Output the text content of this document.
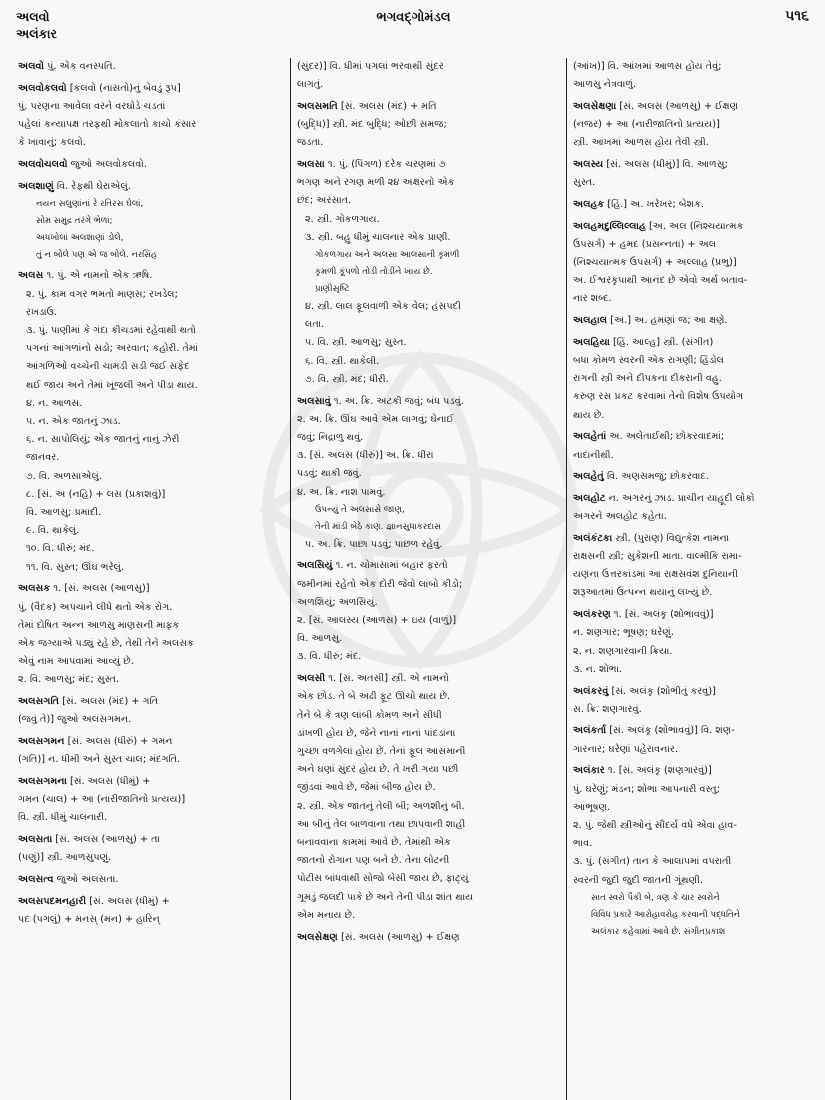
અલવો
અલંકાર
ભગવદ્ગોમંડલ	૫૧૬
અલવો પું. એક વનસ્પતિ.
અલવોકલવો [કલવો (નાસતો)નું બેવડું રૂપ]
પું. પરણના આવેલા વરને વરઘોડે ચડતાં
પહેલાં કન્યાપક્ષ તરફથી મોકલાતો કાચો કંસાર
કે ખાવાનું; કલવો.
અલવોચલવો જુઓ અલવોકલવો.
અલશાણું વિ. રેફથી ઘેરાએલું.
નયન સલુણાંનાં રે રતિરસ ઘેલાં,
સોમ સમુદ્ર તરંગે ભેળાં;
અધખોલાં અલશાણાં ડોલે,
તું ન બોલે પણ એ જ બોલે. નરસિંહ
અલસ ૧. પું. એ નામનો એક ઋષિ.
૨. પું. કામ વગર ભમતો માણસ; રખડેલ;
રખડાઉ.
૩. પું. પાણીમાં કે ગંદા કીચડમાં રહેવાથી થતો
પગનાં આંગળાંનો સડો; અરવાત; કહોરી. તેમાં
આંગળિઓ વચ્ચેની ચામડી સડી જઈ સફેદ
થઈ જાય અને તેમાં ખૂજલી અને પીડા થાય.
૪. ન. આળસ.
૫. ન. એક જાતનું ઝાડ.
૬. ન. સાપોલિયું; એક જાતનું નાનું ઝેરી
જાનવર.
૭. વિ. અળસાએલું.
૮. [સં. અ (નહિ) + લસ (પ્રકાશવું)]
વિ. આળસુ; પ્રમાદી.
૯. વિ. થાકેલું.
૧૦. વિ. ધીરું; મંદ.
૧૧. વિ. સુસ્ત; ઊંઘ ભરેલું.
અલસક ૧. [સં. અલસ (આળસુ)]
પું. (વૈદક) અપચાને લીધે થતો એક રોગ.
તેમાં દોષિત અન્ન આળસુ માણસની માફક
એક જગ્યાએ પડ્યું રહે છે, તેથી તેને અલસક
એવું નામ આપવામાં આવ્યું છે.
૨. વિ. આળસુ; મંદ; સુસ્ત.
અલસગતિ [સં. અલસ (મંદ) + ગતિ
(જવું તે)] જુઓ અલસગમન.
અલસગમન [સં. અલસ (ધીરું) + ગમન
(ગતિ)] ન. ધીમી અને સુસ્ત ચાલ; મંદગતિ.
અલસગમના [સં. અલસ (ધીમું) +
ગમન (ચાલ) + આ (નારીજાતિનો પ્રત્યય)]
વિ. સ્ત્રી. ધીમું ચાલનારી.
અલસતા [સં. અલસ (આળસુ) + તા
(પણું)] સ્ત્રી. આળસુપણું.
અલસત્વ જુઓ અલસતા.
અલસપદમનહારી [સં. અલસ (ધીમું) +
પદ (પગલું) + મનસ્ (મન) + હારિન્
(સુંદર)] વિ. ધીમાં પગલાં ભરવાથી સુંદર
લાગતું.
અલસમતિ [સં. અલસ (મંદ) + મતિ
(બુદ્ધિ)] સ્ત્રી. મંદ બુદ્ધિ; ઓછી સમજ;
જડતા.
અલસા ૧. પું. (પિંગળ) દરેક ચરણમાં ૭
ભગણ અને રગણ મળી ૨૪ અક્ષરનો એક
છંદ; અરસાત.
૨. સ્ત્રી. ગોકળગાય.
૩. સ્ત્રી. બહુ ધીમું ચાલનાર એક પ્રાણી.
ગોકળગાય અને અલસા આલસાની કૃમળી
કૃમળી કૂંપળો તોડી તોડીને ખાય છે.
પ્રાણીસૃષ્ટિ
૪. સ્ત્રી. લાલ ફૂલવાળી એક વેલ; હંસપદી
લતા.
૫. વિ. સ્ત્રી. આળસુ; સુસ્ત.
૬. વિ. સ્ત્રી. થાકેલી.
૭. વિ. સ્ત્રી. મંદ; ધીરી.
અલસાવું ૧. અ. ક્રિ. અટકી જવું; બંધ પડવું.
૨. અ. ક્રિ. ઊંઘ આવે એમ લાગવું; ઘેનાઈ
જવું; નિદ્રાળુ થવું.
૩. [સં. અલસ (ધીરું)] અ. ક્રિ. ધીરા
પડવું; થાકી જવું.
૪. અ. ક્રિ. નાશ પામવું.
ઉપન્યું તે અલસાસે જાણ,
તેની માંડી બેઠે કાણ. જ્ઞાનસુધાકરદાસ
૫. અ. ક્રિ. પાછા પડવું; પાછળ રહેવું.
અલસિયું ૧. ન. ચોમાસામાં બહાર ફરતો
જમીનમાં રહેતો એક દોરી જેવો લાંબો કીડો;
અળશિયું; અળસિયું.
૨. [સં. આલસ્ય (આળસ) + ઇય (વાળું)]
વિ. આળસુ.
૩. વિ. ધીરું; મંદ.
અલસી ૧. [સં. અતસી] સ્ત્રી. એ નામનો
એક છોડ. તે બે અઢી ફૂટ ઊંચો થાય છે.
તેને બે કે ત્રણ લાંબી કોમળ અને સીધી
ડાંખળી હોય છે, જેને નાનાં નાનાં પાંદડાંના
ગુચ્છા વળગેલા હોય છે. તેનાં ફૂલ આસમાની
અને ઘણાં સુંદર હોય છે. તે ખરી ગયા પછી
જીંડવાં આવે છે, જેમાં બીજ હોય છે.
૨. સ્ત્રી. એક જાતનું તેલી બી; અળશીનું બી.
આ બીનું તેલ બાળવાના તથા છાપવાની શાહી
બનાવવાના કામમાં આવે છે. તેમાંથી એક
જાતનો રોગાન પણ બને છે. તેના લોટની
પોટીસ બાંધવાથી સોજો બેસી જાય છે, ફાટ્યું
ગૂમડું જલદી પાકે છે અને તેની પીડા શાંત થાય
એમ મનાય છે.
અલસેક્ષણ [સં. અલસ (આળસુ) + ઈક્ષણ
(આંખ)] વિ. આંખમાં આળસ હોય તેવું;
આળસુ નેત્રવાળું.
અલસેક્ષણા [સં. અલસ (આળસુ) + ઈક્ષણ
(નજર) + આ (નારીજાતિનો પ્રત્યય)]
સ્ત્રી. આંખમાં આળસ હોય તેવી સ્ત્રી.
અલસ્ય [સં. અલસ (ધીમું)] વિ. આળસુ;
સુસ્ત.
અલહક [હિં.] અ. ખરેખર; બેશક.
અલહમદુલ્લિલ્લાહ [અ. અલ (નિશ્ચયાત્મક
ઉપસર્ગ) + હમદ (પ્રસન્નતા) + અલ
(નિશ્ચયાત્મક ઉપસર્ગ) + અલ્લાહ (પ્રભુ)]
અ. ઈશ્વરકૃપાથી આનંદ છે એવો અર્થ બતાવ-
નાર શબ્દ.
અલહાલ [અ.] અ. હમણાં જ; આ ક્ષણે.
અલહિયા [હિં. આલ્હ] સ્ત્રી. (સંગીત)
બધા કોમળ સ્વરની એક રાગણી; હિંડોલ
રાગની સ્ત્રી અને દીપકના દીકરાની વહુ.
કરુણ રસ પ્રકટ કરવામાં તેનો વિશેષ ઉપયોગ
થાય છે.
અલહેતાં અ. અલેતાઈથી; છોકરવાદમાં;
નાદાનીથી.
અલહેતું વિ. અણસમજું; છોકરવાદ.
અલહોટ ન. અગરનું ઝાડ. પ્રાચીન યાહૂદી લોકો
અગરને અલહોટ કહેતા.
અલંકંટકા સ્ત્રી. (પુરાણ) વિદ્યુત્કેશ નામના
રાક્ષસની સ્ત્રી; સુકેશની માતા. વાલ્મીકિ રામા-
યણના ઉત્તરકાંડમાં આ રાક્ષસવંશ દુનિયાની
શરૂઆતમાં ઉત્પન્ન થયાનું લખ્યું છે.
અલંકરણ ૧. [સં. અલંકૃ (શોભાવવું)]
ન. શણગાર; ભૂષણ; ઘરેણું.
૨. ન. શણગારવાની ક્રિયા.
૩. ન. શોભા.
અલંકરવું [સં. અલંકૃ (શોભીતું કરવું)]
સ. ક્રિ. શણગારવું.
અલંકર્તા [સં. અલંકૃ (શોભાવવું)] વિ. શણ-
ગારનાર; ઘરેણાં પહેરાવનાર.
અલંકાર ૧. [સં. અલંકૃ (શણગારવું)]
પું. ઘરેણું; મંડન; શોભા આપનારી વસ્તુ;
આભૂષણ.
૨. પું. જેથી સ્ત્રીઓનું સૌંદર્ય વધે એવા હાવ-
ભાવ.
૩. પું. (સંગીત) તાન કે આલાપમાં વપરાતી
સ્વરની જુદી જુદી જાતની ગૂંથણી.
સાત સ્વરો પૈકી બે, ત્રણ કે ચાર સ્વરોને
વિવિધ પ્રકારે આરોહાવરોહ કરવાની પદ્ધતિને
અલંકાર કહેવામાં આવે છે. સંગીતપ્રકાશ
